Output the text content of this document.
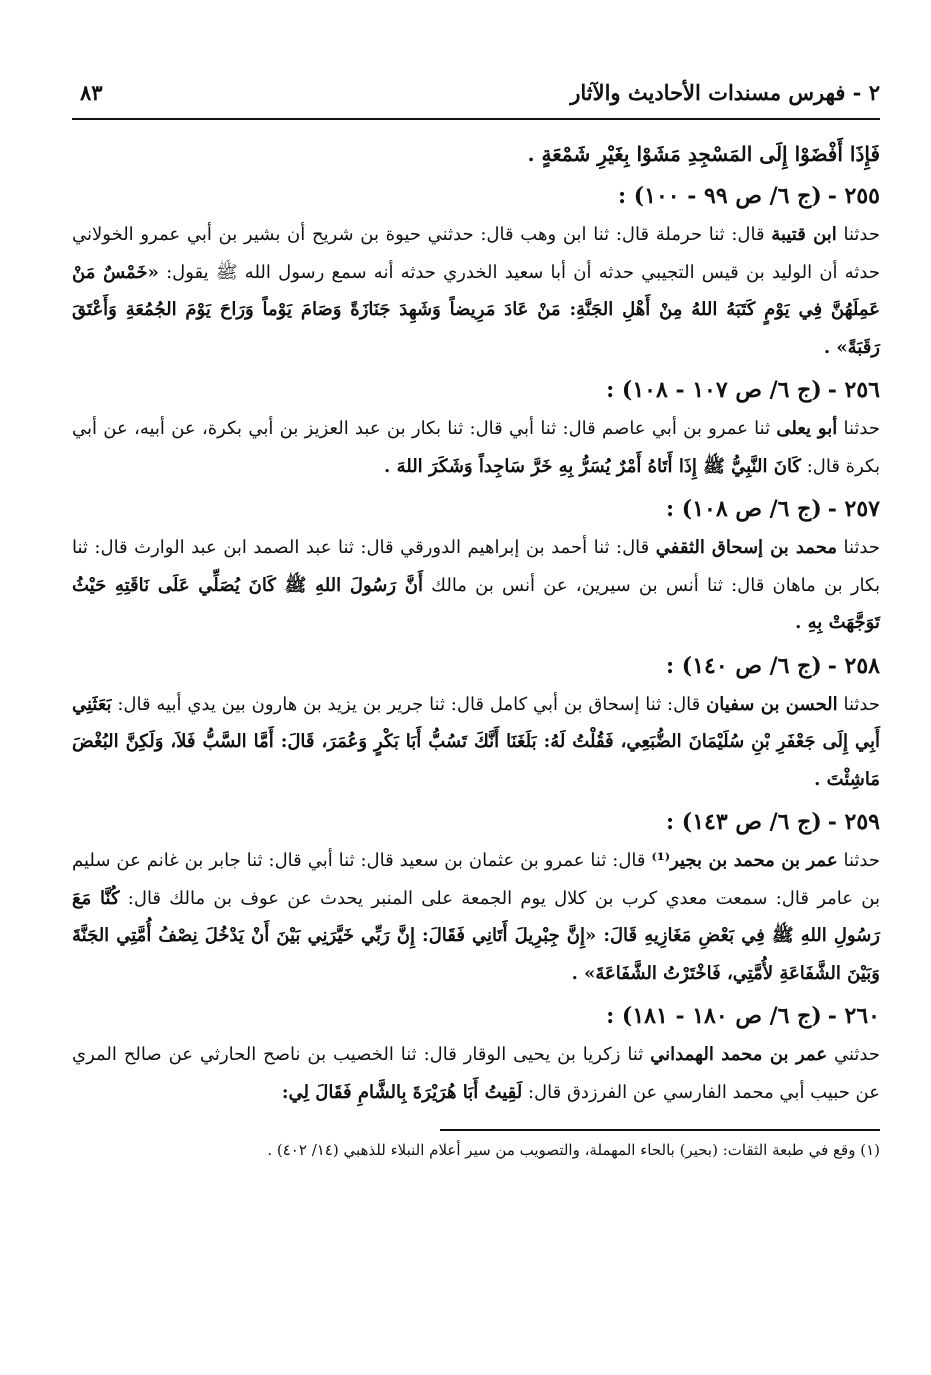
٢ - فهرس مسندات الأحاديث والآثار
٨٣
فَإِذَا أَفْضَوْا إِلَى المَسْجِدِ مَشَوْا بِغَيْرِ شَمْعَةٍ .
٢٥٥ -(ج ٦/ ص ٩٩ - ١٠٠) :
حدثنا ابن قتيبة قال: ثنا حرملة قال: ثنا ابن وهب قال: حدثني حيوة بن شريح أن بشير بن أبي عمرو الخولاني حدثه أن الوليد بن قيس التجيبي حدثه أن أبا سعيد الخدري حدثه أنه سمع رسول الله ﷺ يقول: «خَمْسٌ مَنْ عَمِلَهُنَّ فِي يَوْمٍ كَتَبَهُ اللهُ مِنْ أَهْلِ الجَنَّةِ: مَنْ عَادَ مَرِيضاً وَشَهِدَ جَنَازَةً وَصَامَ يَوْماً وَرَاحَ يَوْمَ الجُمُعَةِ وَأَعْتَقَ رَقَبَةً» .
٢٥٦ -(ج ٦/ ص ١٠٧ - ١٠٨) :
حدثنا أبو يعلى ثنا عمرو بن أبي عاصم قال: ثنا أبي قال: ثنا بكار بن عبد العزيز بن أبي بكرة، عن أبيه، عن أبي بكرة قال: كَانَ النَّبِيُّ ﷺ إِذَا أَتَاهُ أَمْرٌ يُسَرُّ بِهِ خَرَّ سَاجِداً وَشَكَرَ اللهَ .
٢٥٧ -(ج ٦/ ص ١٠٨) :
حدثنا محمد بن إسحاق الثقفي قال: ثنا أحمد بن إبراهيم الدورقي قال: ثنا عبد الصمد ابن عبد الوارث قال: ثنا بكار بن ماهان قال: ثنا أنس بن سيرين، عن أنس بن مالك أَنَّ رَسُولَ اللهِ ﷺ كَانَ يُصَلِّي عَلَى نَاقَتِهِ حَيْثُ تَوَجَّهَتْ بِهِ .
٢٥٨ -(ج ٦/ ص ١٤٠) :
حدثنا الحسن بن سفيان قال: ثنا إسحاق بن أبي كامل قال: ثنا جرير بن يزيد بن هارون بين يدي أبيه قال: بَعَثَنِي أَبِي إِلَى جَعْفَرِ بْنِ سُلَيْمَانَ الضُّبَعِي، فَقُلْتُ لَهُ: بَلَغَنَا أَنَّكَ تَسُبُّ أَبَا بَكْرٍ وَعُمَرَ، قَالَ: أَمَّا السَّبُّ فَلاَ، وَلَكِنَّ البُغْضَ مَاشِئْتَ .
٢٥٩ -(ج ٦/ ص ١٤٣) :
حدثنا عمر بن محمد بن بجير⁽¹⁾ قال: ثنا عمرو بن عثمان بن سعيد قال: ثنا أبي قال: ثنا جابر بن غانم عن سليم بن عامر قال: سمعت معدي كرب بن كلال يوم الجمعة على المنبر يحدث عن عوف بن مالك قال: كُنَّا مَعَ رَسُولِ اللهِ ﷺ فِي بَعْضِ مَغَازِيهِ قَالَ: «إِنَّ جِبْرِيلَ أَتَانِي فَقَالَ: إِنَّ رَبِّي خَيَّرَنِي بَيْنَ أَنْ يَدْخُلَ نِصْفُ أُمَّتِي الجَنَّةَ وَبَيْنَ الشَّفَاعَةِ لأُمَّتِي، فَاخْتَرْتُ الشَّفَاعَةَ» .
٢٦٠ -(ج ٦/ ص ١٨٠ - ١٨١) :
حدثني عمر بن محمد الهمداني ثنا زكريا بن يحيى الوقار قال: ثنا الخصيب بن ناصح الحارثي عن صالح المري عن حبيب أبي محمد الفارسي عن الفرزدق قال: لَقِيتُ أَبَا هُرَيْرَةَ بِالشَّامِ فَقَالَ لِي:
(١) وقع في طبعة الثقات: (بحير) بالحاء المهملة، والتصويب من سير أعلام النبلاء للذهبي (١٤/ ٤٠٢) .
